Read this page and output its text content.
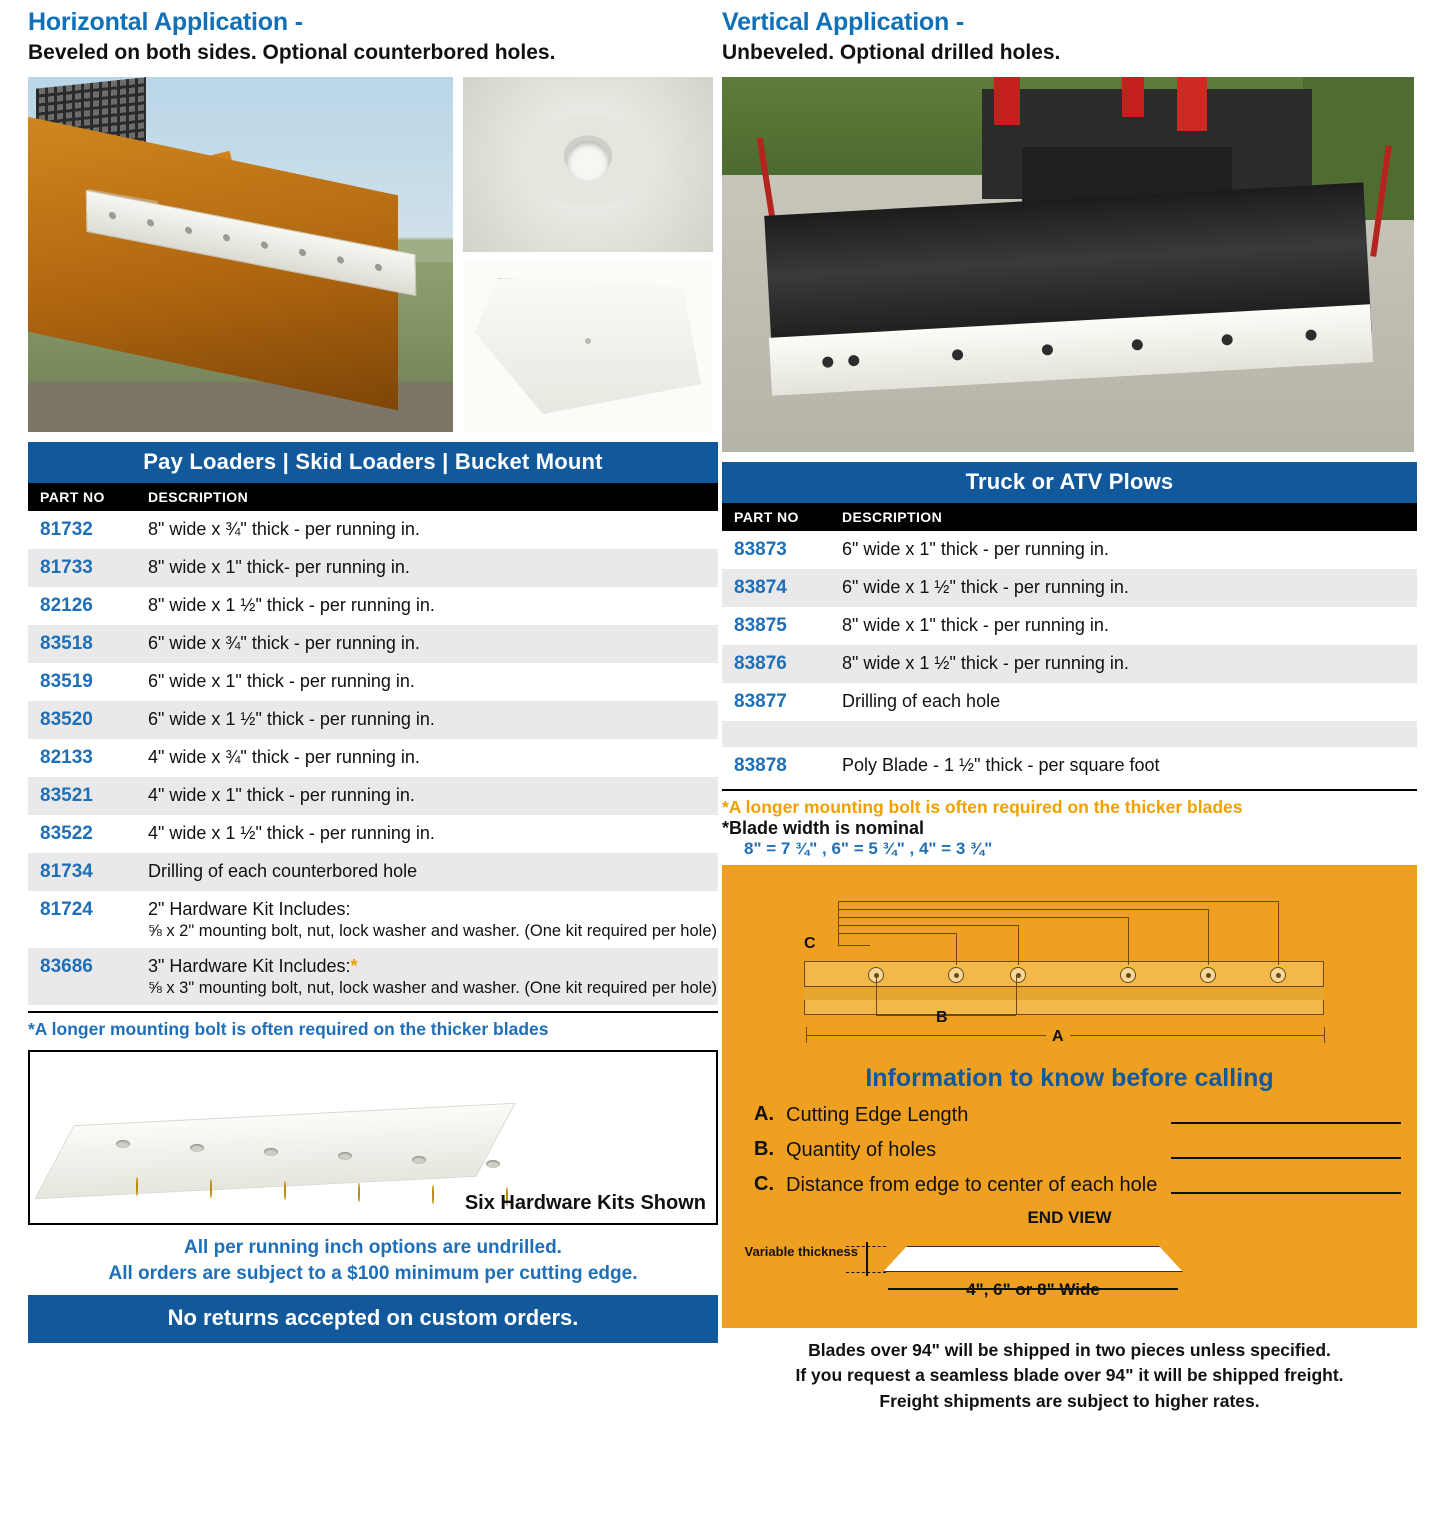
Horizontal Application -
Beveled on both sides. Optional counterbored holes.
Pay Loaders | Skid Loaders | Bucket Mount
PART NO	DESCRIPTION
81732	8" wide x ¾" thick - per running in.
81733	8" wide x 1" thick- per running in.
82126	8" wide x 1 ½" thick - per running in.
83518	6" wide x ¾" thick - per running in.
83519	6" wide x 1" thick - per running in.
83520	6" wide x 1 ½" thick - per running in.
82133	4" wide x ¾" thick - per running in.
83521	4" wide x 1" thick - per running in.
83522	4" wide x 1 ½" thick - per running in.
81734	Drilling of each counterbored hole
81724	2" Hardware Kit Includes:
⅝ x 2" mounting bolt, nut, lock washer and washer. (One kit required per hole)
83686	3" Hardware Kit Includes:*
⅝ x 3" mounting bolt, nut, lock washer and washer. (One kit required per hole)
*A longer mounting bolt is often required on the thicker blades
Six Hardware Kits Shown
All per running inch options are undrilled.
All orders are subject to a $100 minimum per cutting edge.
No returns accepted on custom orders.
Vertical Application -
Unbeveled. Optional drilled holes.
Truck or ATV Plows
PART NO	DESCRIPTION
83873	6" wide x 1" thick - per running in.
83874	6" wide x 1 ½" thick - per running in.
83875	8" wide x 1" thick - per running in.
83876	8" wide x 1 ½" thick - per running in.
83877	Drilling of each hole
83878	Poly Blade - 1 ½" thick - per square foot
*A longer mounting bolt is often required on the thicker blades
*Blade width is nominal
8" = 7 ¾" , 6" = 5 ¾" , 4" = 3 ¾"
C
B
A
Information to know before calling
A. Cutting Edge Length
B. Quantity of holes
C. Distance from edge to center of each hole
END VIEW
Variable thickness
4", 6" or 8" Wide
Blades over 94" will be shipped in two pieces unless specified.
If you request a seamless blade over 94" it will be shipped freight.
Freight shipments are subject to higher rates.
